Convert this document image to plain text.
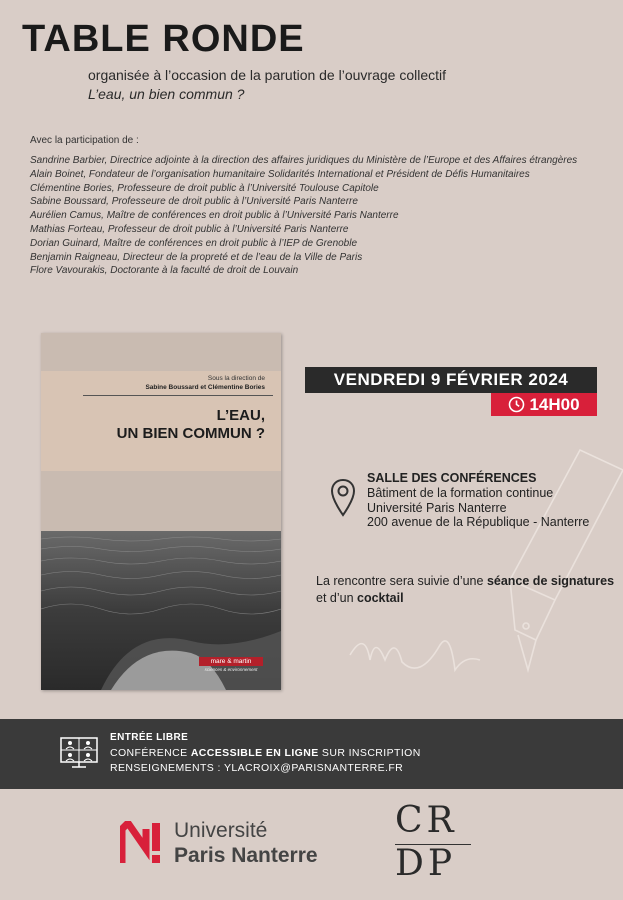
TABLE RONDE
organisée à l’occasion de la parution de l’ouvrage collectif
L’eau, un bien commun ?
Avec la participation de :
Sandrine Barbier, Directrice adjointe à la direction des affaires juridiques du Ministère de l’Europe et des Affaires étrangères
Alain Boinet, Fondateur de l’organisation humanitaire Solidarités International et Président de Défis Humanitaires
Clémentine Bories, Professeure de droit public à l’Université Toulouse Capitole
Sabine Boussard, Professeure de droit public à l’Université Paris Nanterre
Aurélien Camus, Maître de conférences en droit public à l’Université Paris Nanterre
Mathias Forteau, Professeur de droit public à l’Université Paris Nanterre
Dorian Guinard, Maître de conférences en droit public à l’IEP de Grenoble
Benjamin Raigneau, Directeur de la propreté et de l’eau de la Ville de Paris
Flore Vavourakis, Doctorante à la faculté de droit de Louvain
Sous la direction de
Sabine Boussard et Clémentine Bories
L’EAU,
UN BIEN COMMUN ?
mare & martin
sciences & environnement
VENDREDI 9 FÉVRIER 2024
14H00
SALLE DES CONFÉRENCES
Bâtiment de la formation continue
Université Paris Nanterre
200 avenue de la République - Nanterre
La rencontre sera suivie d’une séance de signatures et d’un cocktail
ENTRÉE LIBRE
CONFÉRENCE ACCESSIBLE EN LIGNE SUR INSCRIPTION
RENSEIGNEMENTS : YLACROIX@PARISNANTERRE.FR
Université
Paris Nanterre
CR
DP
